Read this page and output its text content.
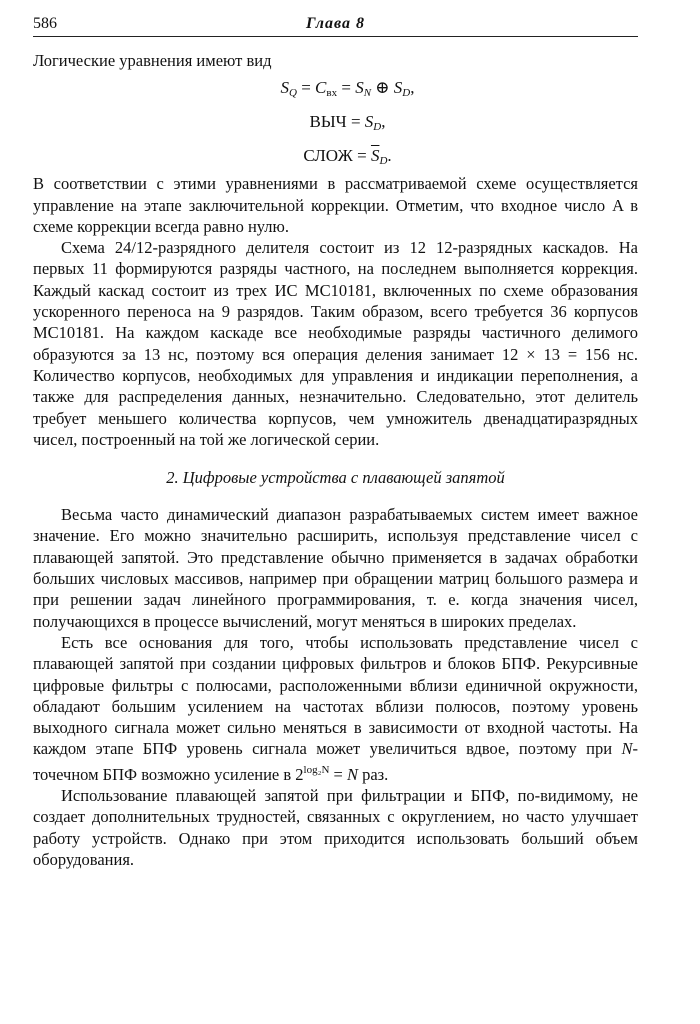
586	Глава 8

Логические уравнения имеют вид

$S_Q = C_{вх} = S_N$ ⊕ $S_D$,
ВЫЧ = $S_D$,
СЛОЖ = $\overline{S}_D$.

В соответствии с этими уравнениями в рассматриваемой схеме осуществляется управление на этапе заключительной коррекции. Отметим, что входное число A в схеме коррекции всегда равно нулю.

Схема 24/12-разрядного делителя состоит из 12 12-разрядных каскадов. На первых 11 формируются разряды частного, на последнем выполняется коррекция. Каждый каскад состоит из трех ИС МС10181, включенных по схеме образования ускоренного переноса на 9 разрядов. Таким образом, всего требуется 36 корпусов МС10181. На каждом каскаде все необходимые разряды частичного делимого образуются за 13 нс, поэтому вся операция деления занимает 12 × 13 = 156 нс. Количество корпусов, необходимых для управления и индикации переполнения, а также для распределения данных, незначительно. Следовательно, этот делитель требует меньшего количества корпусов, чем умножитель двенадцатиразрядных чисел, построенный на той же логической серии.

2. Цифровые устройства с плавающей запятой

Весьма часто динамический диапазон разрабатываемых систем имеет важное значение. Его можно значительно расширить, используя представление чисел с плавающей запятой. Это представление обычно применяется в задачах обработки больших числовых массивов, например при обращении матриц большого размера и при решении задач линейного программирования, т. е. когда значения чисел, получающихся в процессе вычислений, могут меняться в широких пределах.

Есть все основания для того, чтобы использовать представление чисел с плавающей запятой при создании цифровых фильтров и блоков БПФ. Рекурсивные цифровые фильтры с полюсами, расположенными вблизи единичной окружности, обладают большим усилением на частотах вблизи полюсов, поэтому уровень выходного сигнала может сильно меняться в зависимости от входной частоты. На каждом этапе БПФ уровень сигнала может увеличиться вдвое, поэтому при N-точечном БПФ возможно усиление в $2^{log_2N} = N$ раз.

Использование плавающей запятой при фильтрации и БПФ, по-видимому, не создает дополнительных трудностей, связанных с округлением, но часто улучшает работу устройств. Однако при этом приходится использовать больший объем оборудования.
